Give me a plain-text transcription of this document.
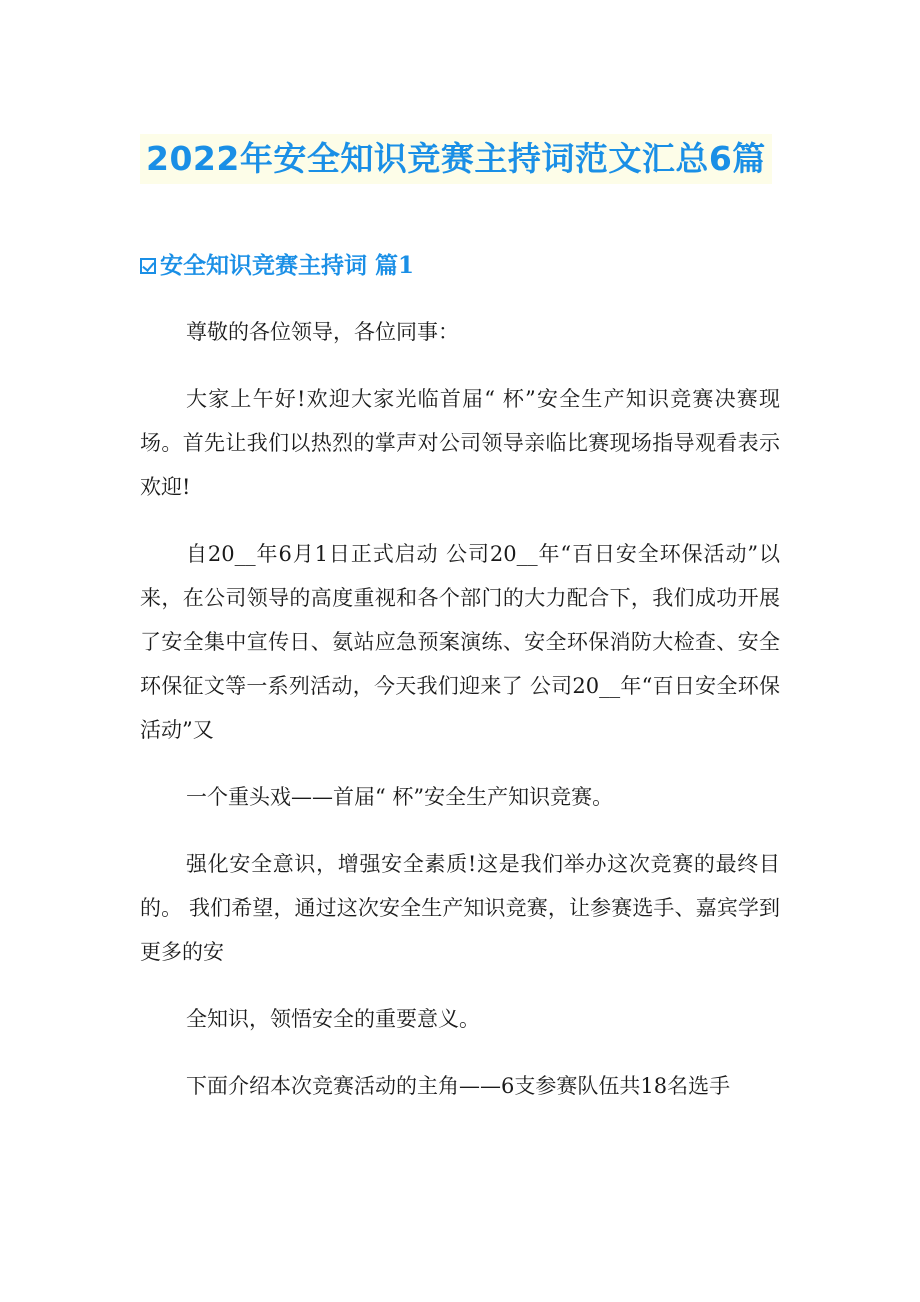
2022年安全知识竞赛主持词范文汇总6篇
安全知识竞赛主持词 篇1

尊敬的各位领导，各位同事：

大家上午好!欢迎大家光临首届“ 杯”安全生产知识竞赛决赛现场。首先让我们以热烈的掌声对公司领导亲临比赛现场指导观看表示欢迎!

自20__年6月1日正式启动 公司20__年“百日安全环保活动”以来，在公司领导的高度重视和各个部门的大力配合下，我们成功开展了安全集中宣传日、氨站应急预案演练、安全环保消防大检查、安全环保征文等一系列活动，今天我们迎来了 公司20__年“百日安全环保活动”又

一个重头戏——首届“ 杯”安全生产知识竞赛。

强化安全意识，增强安全素质!这是我们举办这次竞赛的最终目的。 我们希望，通过这次安全生产知识竞赛，让参赛选手、嘉宾学到更多的安

全知识，领悟安全的重要意义。

下面介绍本次竞赛活动的主角——6支参赛队伍共18名选手
